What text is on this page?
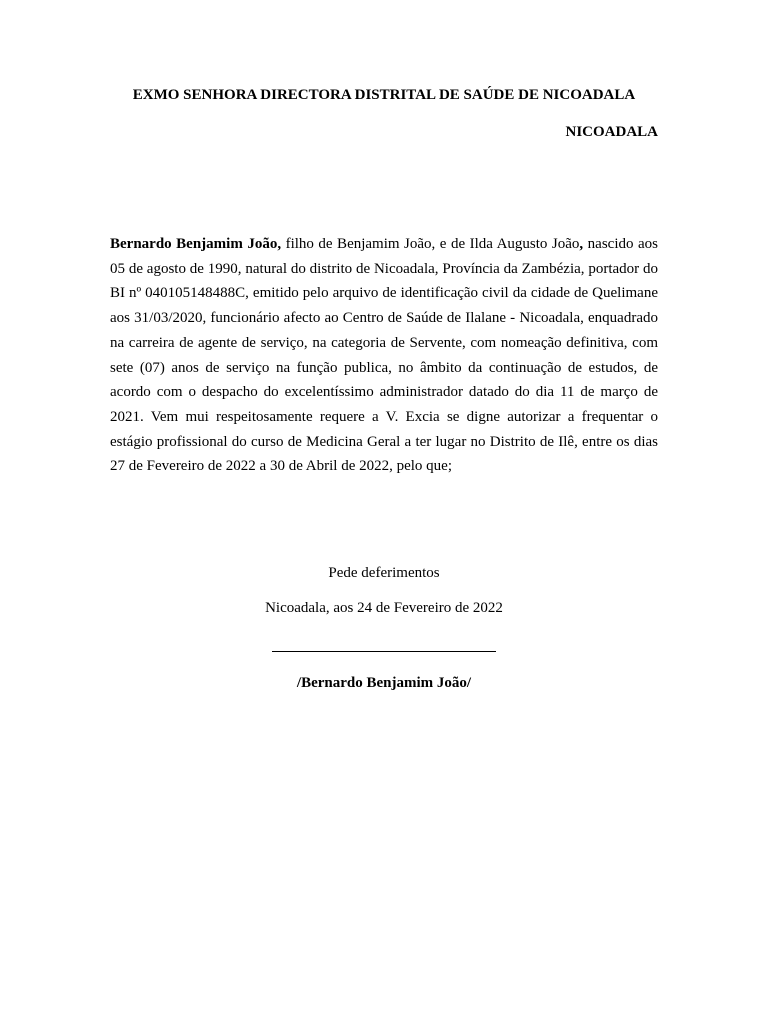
EXMO SENHORA DIRECTORA DISTRITAL DE SAÚDE DE NICOADALA
NICOADALA

Bernardo Benjamim João, filho de Benjamim João, e de Ilda Augusto João, nascido aos 05 de agosto de 1990, natural do distrito de Nicoadala, Província da Zambézia, portador do BI nº 040105148488C, emitido pelo arquivo de identificação civil da cidade de Quelimane aos 31/03/2020, funcionário afecto ao Centro de Saúde de Ilalane - Nicoadala, enquadrado na carreira de agente de serviço, na categoria de Servente, com nomeação definitiva, com sete (07) anos de serviço na função publica, no âmbito da continuação de estudos, de acordo com o despacho do excelentíssimo administrador datado do dia 11 de março de 2021. Vem mui respeitosamente requere a V. Excia se digne autorizar a frequentar o estágio profissional do curso de Medicina Geral a ter lugar no Distrito de Ilê, entre os dias 27 de Fevereiro de 2022 a 30 de Abril de 2022, pelo que;

Pede deferimentos
Nicoadala, aos 24 de Fevereiro de 2022
/Bernardo Benjamim João/
